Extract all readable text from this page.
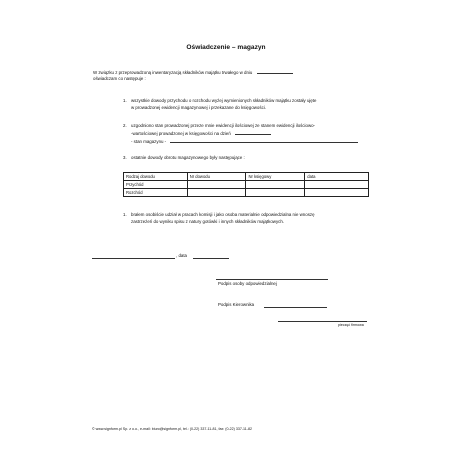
Oświadczenie – magazyn
W związku z przeprowadzoną inwentaryzacją składników majątku trwałego w dniu
oświadczam co następuje :
1. wszystkie dowody przychodu o rozchodu wyżej wymienionych składników majątku zostały ujęte
w prowadzonej ewidencji magazynowej i przekazane do księgowości.
2. uzgodniono stan prowadzonej przeze mnie ewidencji ilościowej ze stanem ewidencji ilościowo-
-wartościowej prowadzonej w księgowości na dzień
- stan magazynu -
3. ostatnie dowody obrotu magazynowego były następujące :
Rodzaj dowodu	Nr dowodu	Nr księgowy	data
Przychód			
Rozchód			
1. brałem osobiście udział w pracach komisji i jako osoba materialnie odpowiedzialna nie wnoszę
zastrzeżeń do wyniku spisu z natury gotówki i innych składników majątkowych.
, data
Podpis osoby odpowiedzialnej
Podpis Kierownika
pieczęć firmowa
© www.signform.pl Sp. z o.o., e-mail: biuro@signform.pl, tel.: (0-22) 337-11-81, fax: (0-22) 337-11-82
